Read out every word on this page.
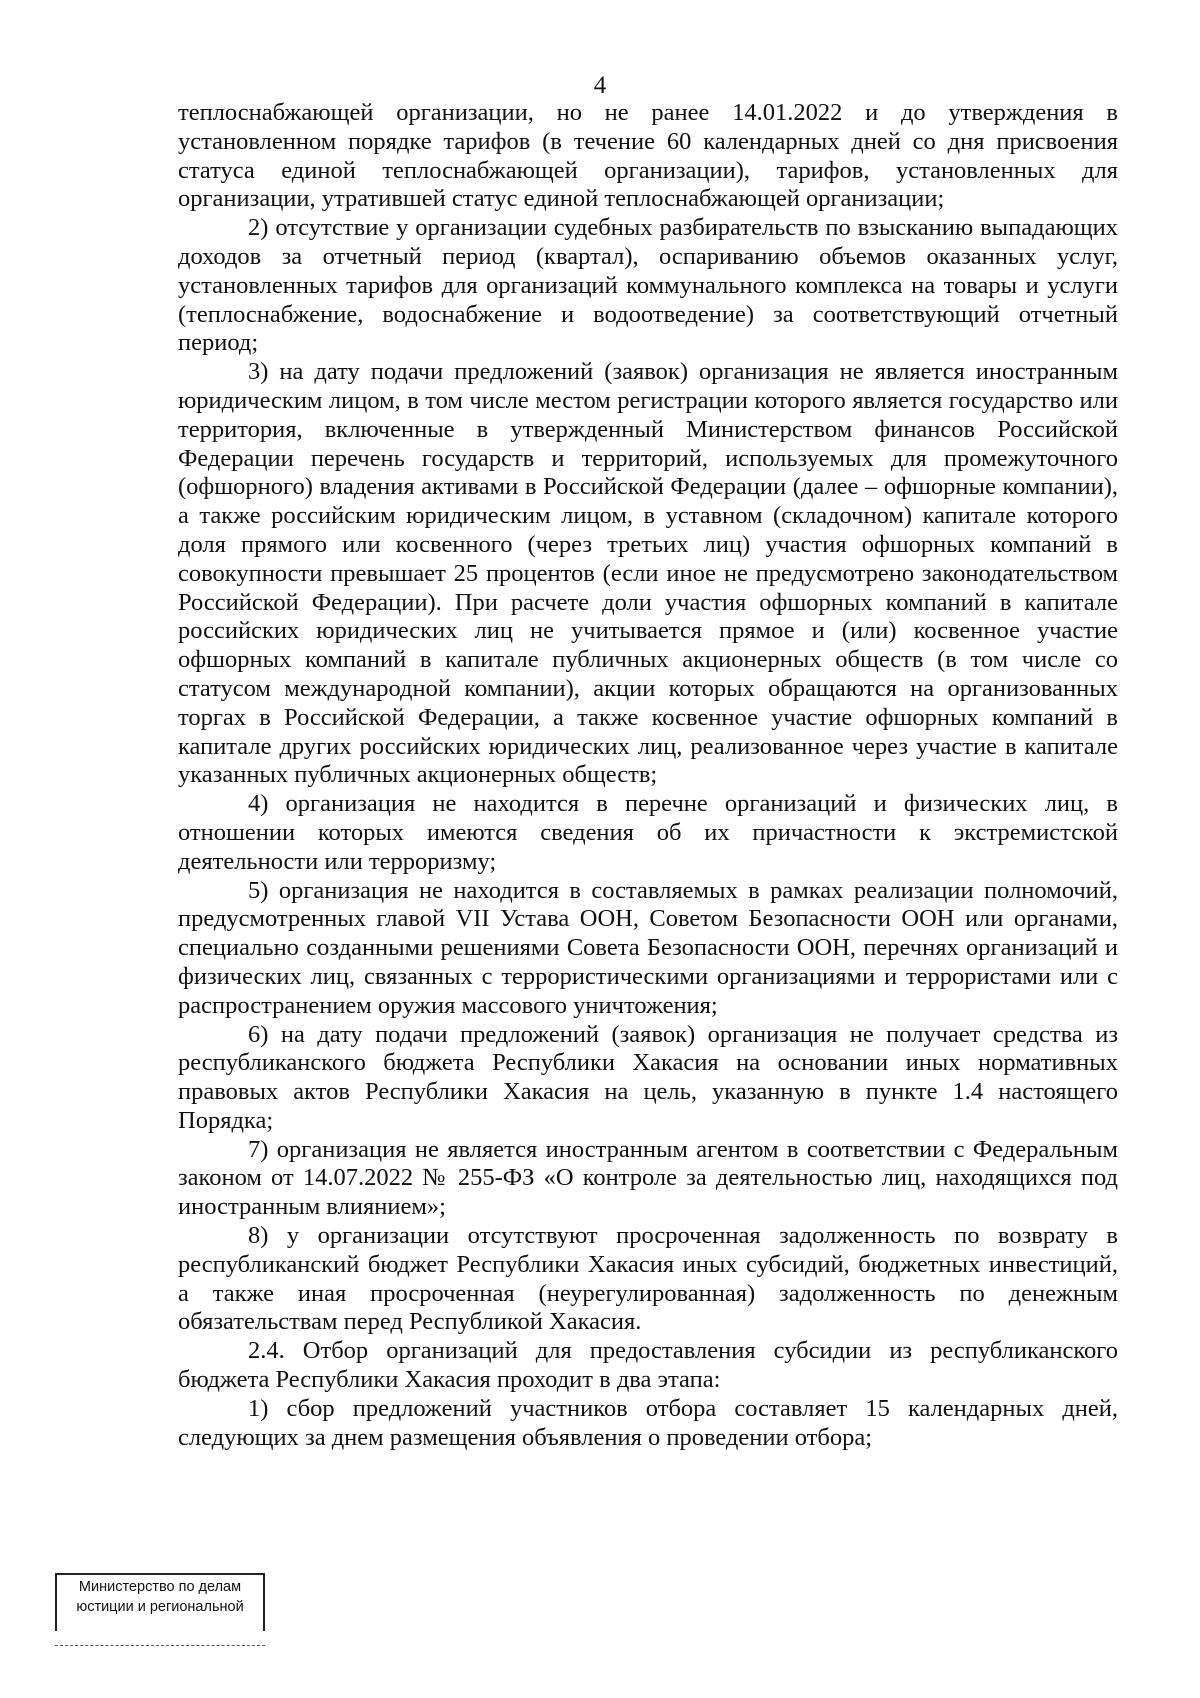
4

теплоснабжающей организации, но не ранее 14.01.2022 и до утверждения в установленном порядке тарифов (в течение 60 календарных дней со дня присвоения статуса единой теплоснабжающей организации), тарифов, установленных для организации, утратившей статус единой теплоснабжающей организации;

2) отсутствие у организации судебных разбирательств по взысканию выпадающих доходов за отчетный период (квартал), оспариванию объемов оказанных услуг, установленных тарифов для организаций коммунального комплекса на товары и услуги (теплоснабжение, водоснабжение и водоотведение) за соответствующий отчетный период;

3) на дату подачи предложений (заявок) организация не является иностранным юридическим лицом, в том числе местом регистрации которого является государство или территория, включенные в утвержденный Министерством финансов Российской Федерации перечень государств и территорий, используемых для промежуточного (офшорного) владения активами в Российской Федерации (далее – офшорные компании), а также российским юридическим лицом, в уставном (складочном) капитале которого доля прямого или косвенного (через третьих лиц) участия офшорных компаний в совокупности превышает 25 процентов (если иное не предусмотрено законодательством Российской Федерации). При расчете доли участия офшорных компаний в капитале российских юридических лиц не учитывается прямое и (или) косвенное участие офшорных компаний в капитале публичных акционерных обществ (в том числе со статусом международной компании), акции которых обращаются на организованных торгах в Российской Федерации, а также косвенное участие офшорных компаний в капитале других российских юридических лиц, реализованное через участие в капитале указанных публичных акционерных обществ;

4) организация не находится в перечне организаций и физических лиц, в отношении которых имеются сведения об их причастности к экстремистской деятельности или терроризму;

5) организация не находится в составляемых в рамках реализации полномочий, предусмотренных главой VII Устава ООН, Советом Безопасности ООН или органами, специально созданными решениями Совета Безопасности ООН, перечнях организаций и физических лиц, связанных с террористическими организациями и террористами или с распространением оружия массового уничтожения;

6) на дату подачи предложений (заявок) организация не получает средства из республиканского бюджета Республики Хакасия на основании иных нормативных правовых актов Республики Хакасия на цель, указанную в пункте 1.4 настоящего Порядка;

7) организация не является иностранным агентом в соответствии с Федеральным законом от 14.07.2022 № 255-ФЗ «О контроле за деятельностью лиц, находящихся под иностранным влиянием»;

8) у организации отсутствуют просроченная задолженность по возврату в республиканский бюджет Республики Хакасия иных субсидий, бюджетных инвестиций, а также иная просроченная (неурегулированная) задолженность по денежным обязательствам перед Республикой Хакасия.

2.4. Отбор организаций для предоставления субсидии из республиканского бюджета Республики Хакасия проходит в два этапа:

1) сбор предложений участников отбора составляет 15 календарных дней, следующих за днем размещения объявления о проведении отбора;

Министерство по делам
юстиции и региональной
